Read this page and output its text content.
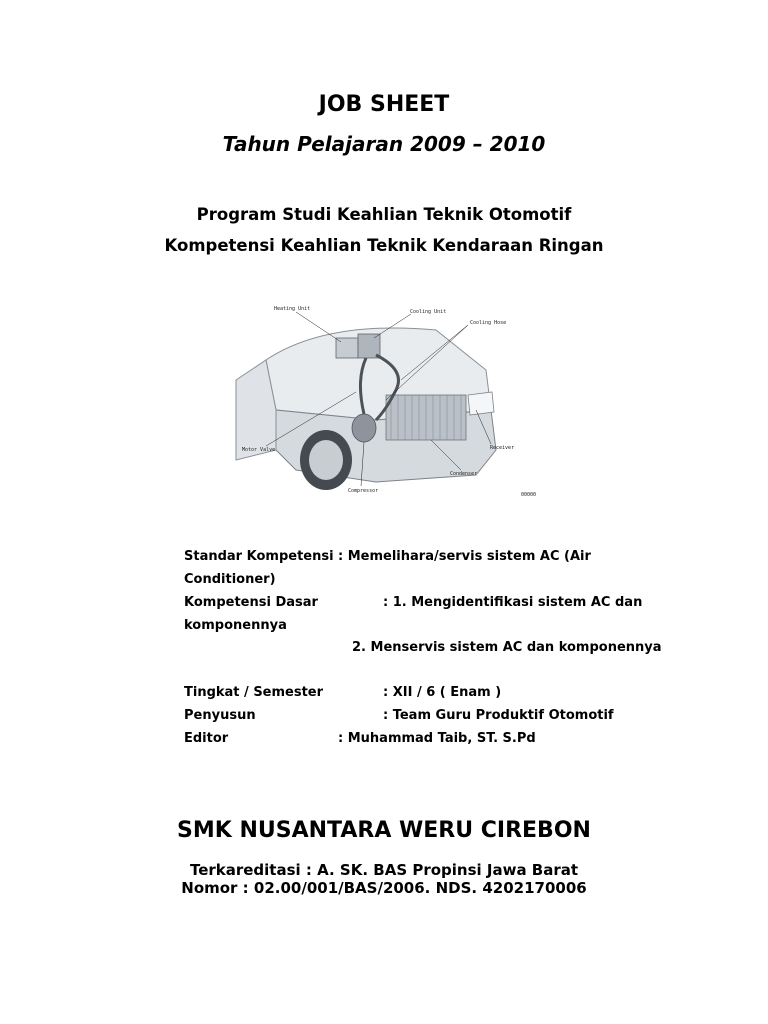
JOB SHEET
Tahun Pelajaran 2009 – 2010
Program Studi Keahlian Teknik Otomotif
Kompetensi Keahlian Teknik Kendaraan Ringan
Heating Unit	Cooling Unit
Cooling Hose
Motor Valve	Receiver
Condenser
Compressor
00000
Standar Kompetensi : Memelihara/servis sistem AC (Air
Conditioner)
Kompetensi Dasar	: 1. Mengidentifikasi sistem AC dan
komponennya
2. Menservis sistem AC dan komponennya
Tingkat / Semester	: XII / 6 ( Enam )
Penyusun	: Team Guru Produktif Otomotif
Editor	: Muhammad Taib, ST. S.Pd
SMK NUSANTARA WERU CIREBON
Terkareditasi : A. SK. BAS Propinsi Jawa Barat
Nomor : 02.00/001/BAS/2006. NDS. 4202170006
